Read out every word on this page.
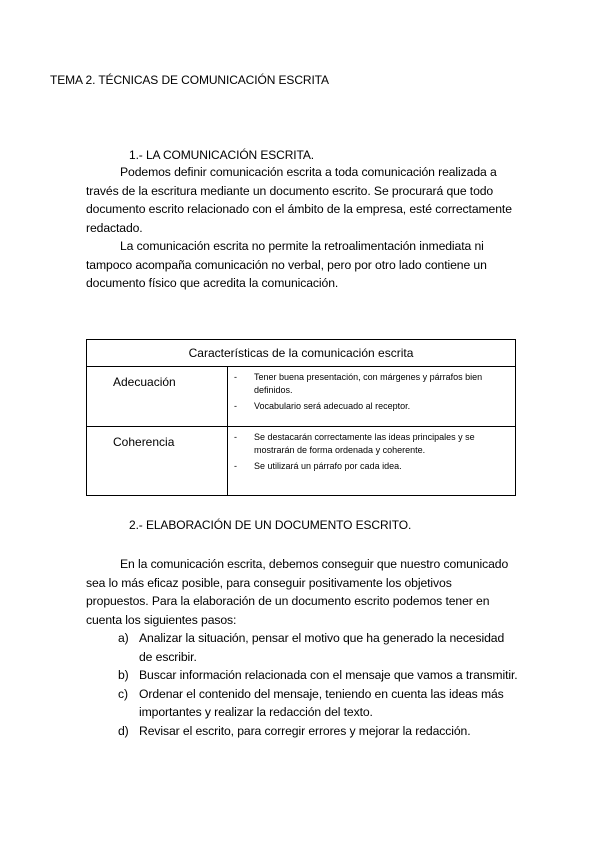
TEMA 2. TÉCNICAS DE COMUNICACIÓN ESCRITA
1.- LA COMUNICACIÓN ESCRITA.
Podemos definir comunicación escrita a toda comunicación realizada a través de la escritura mediante un documento escrito. Se procurará que todo documento escrito relacionado con el ámbito de la empresa, esté correctamente redactado.
La comunicación escrita no permite la retroalimentación inmediata ni tampoco acompaña comunicación no verbal, pero por otro lado contiene un documento físico que acredita la comunicación.
Características de la comunicación escrita	
Adecuación	- Tener buena presentación, con márgenes y párrafos bien definidos.
- Vocabulario será adecuado al receptor.

Coherencia	- Se destacarán correctamente las ideas principales y se mostrarán de forma ordenada y coherente.
- Se utilizará un párrafo por cada idea.
2.- ELABORACIÓN DE UN DOCUMENTO ESCRITO.
En la comunicación escrita, debemos conseguir que nuestro comunicado sea lo más eficaz posible, para conseguir positivamente los objetivos propuestos. Para la elaboración de un documento escrito podemos tener en cuenta los siguientes pasos:
a) Analizar la situación, pensar el motivo que ha generado la necesidad de escribir.
b) Buscar información relacionada con el mensaje que vamos a transmitir.
c) Ordenar el contenido del mensaje, teniendo en cuenta las ideas más importantes y realizar la redacción del texto.
d) Revisar el escrito, para corregir errores y mejorar la redacción.
